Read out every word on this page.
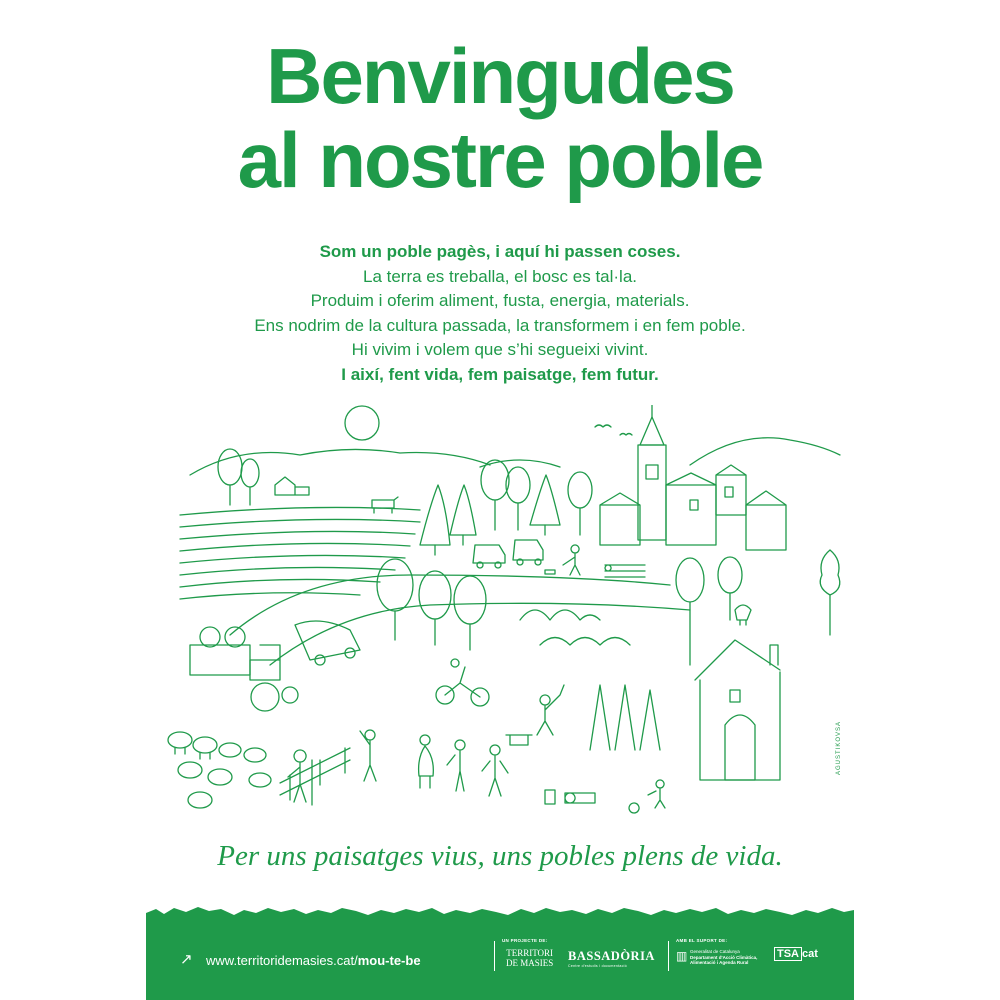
Benvingudes
al nostre poble
Som un poble pagès, i aquí hi passen coses.
La terra es treballa, el bosc es tal·la.
Produim i oferim aliment, fusta, energia, materials.
Ens nodrim de la cultura passada, la transformem i en fem poble.
Hi vivim i volem que s’hi segueixi vivint.
I així, fent vida, fem paisatge, fem futur.
AGUSTIKOVSA
Per uns paisatges vius, uns pobles plens de vida.
↗ www.territoridemasies.cat/mou-te-be
UN PROJECTE DE:
TERRITORI
DE MASIES BASSADÒRIA
Centre d'estudis i documentació
AMB EL SUPORT DE:
▥ Generalitat de Catalunya
Departament d'Acció Climàtica,
Alimentació i Agenda Rural
TSA cat
